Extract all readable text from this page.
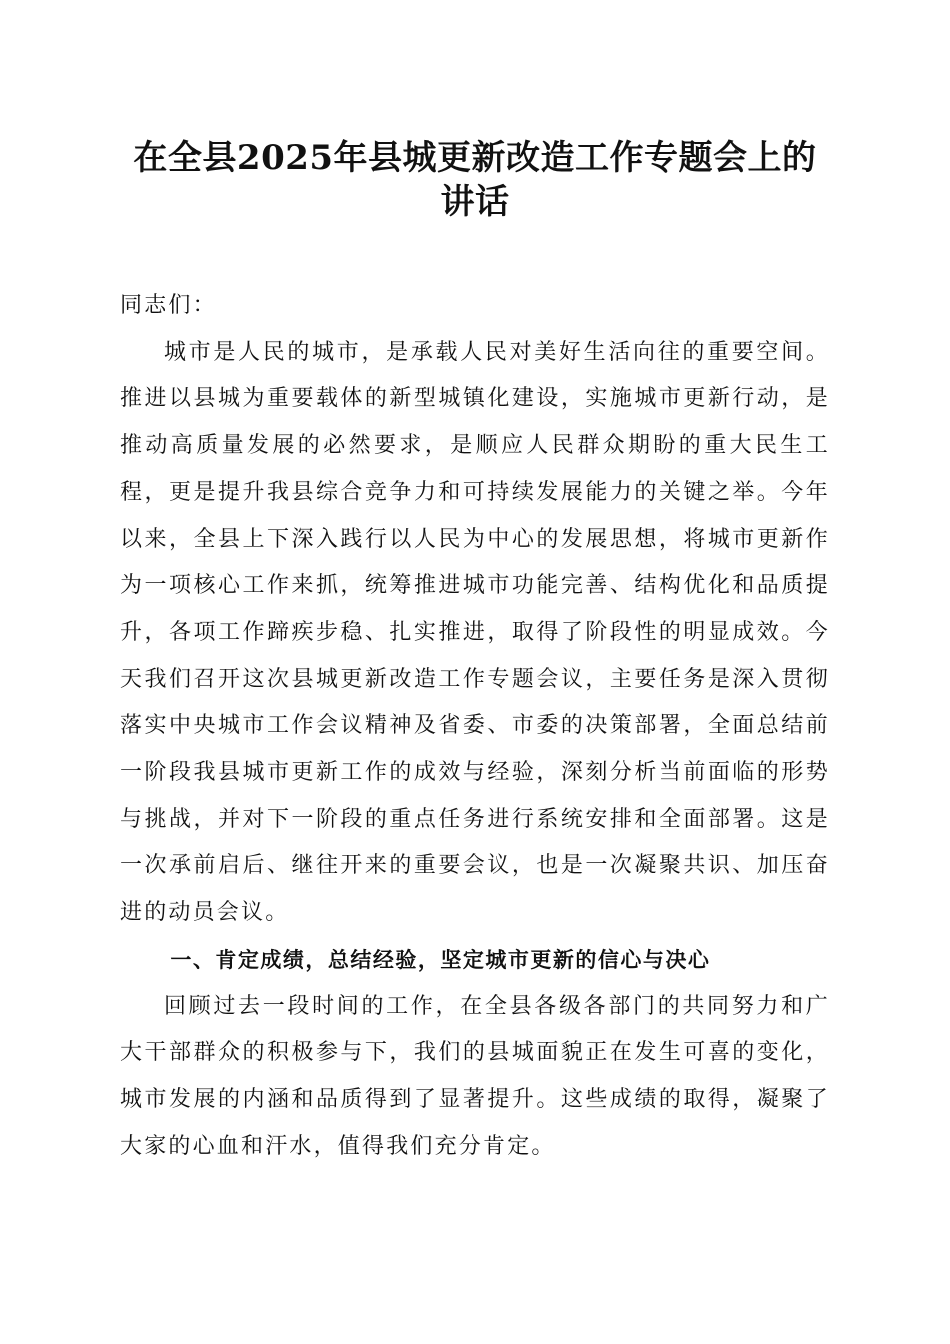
在全县2025年县城更新改造工作专题会上的
讲话

同志们：

城市是人民的城市，是承载人民对美好生活向往的重要空间。推进以县城为重要载体的新型城镇化建设，实施城市更新行动，是推动高质量发展的必然要求，是顺应人民群众期盼的重大民生工程，更是提升我县综合竞争力和可持续发展能力的关键之举。今年以来，全县上下深入践行以人民为中心的发展思想，将城市更新作为一项核心工作来抓，统筹推进城市功能完善、结构优化和品质提升，各项工作蹄疾步稳、扎实推进，取得了阶段性的明显成效。今天我们召开这次县城更新改造工作专题会议，主要任务是深入贯彻落实中央城市工作会议精神及省委、市委的决策部署，全面总结前一阶段我县城市更新工作的成效与经验，深刻分析当前面临的形势与挑战，并对下一阶段的重点任务进行系统安排和全面部署。这是一次承前启后、继往开来的重要会议，也是一次凝聚共识、加压奋进的动员会议。

一、肯定成绩，总结经验，坚定城市更新的信心与决心

回顾过去一段时间的工作，在全县各级各部门的共同努力和广大干部群众的积极参与下，我们的县城面貌正在发生可喜的变化，城市发展的内涵和品质得到了显著提升。这些成绩的取得，凝聚了大家的心血和汗水，值得我们充分肯定。
